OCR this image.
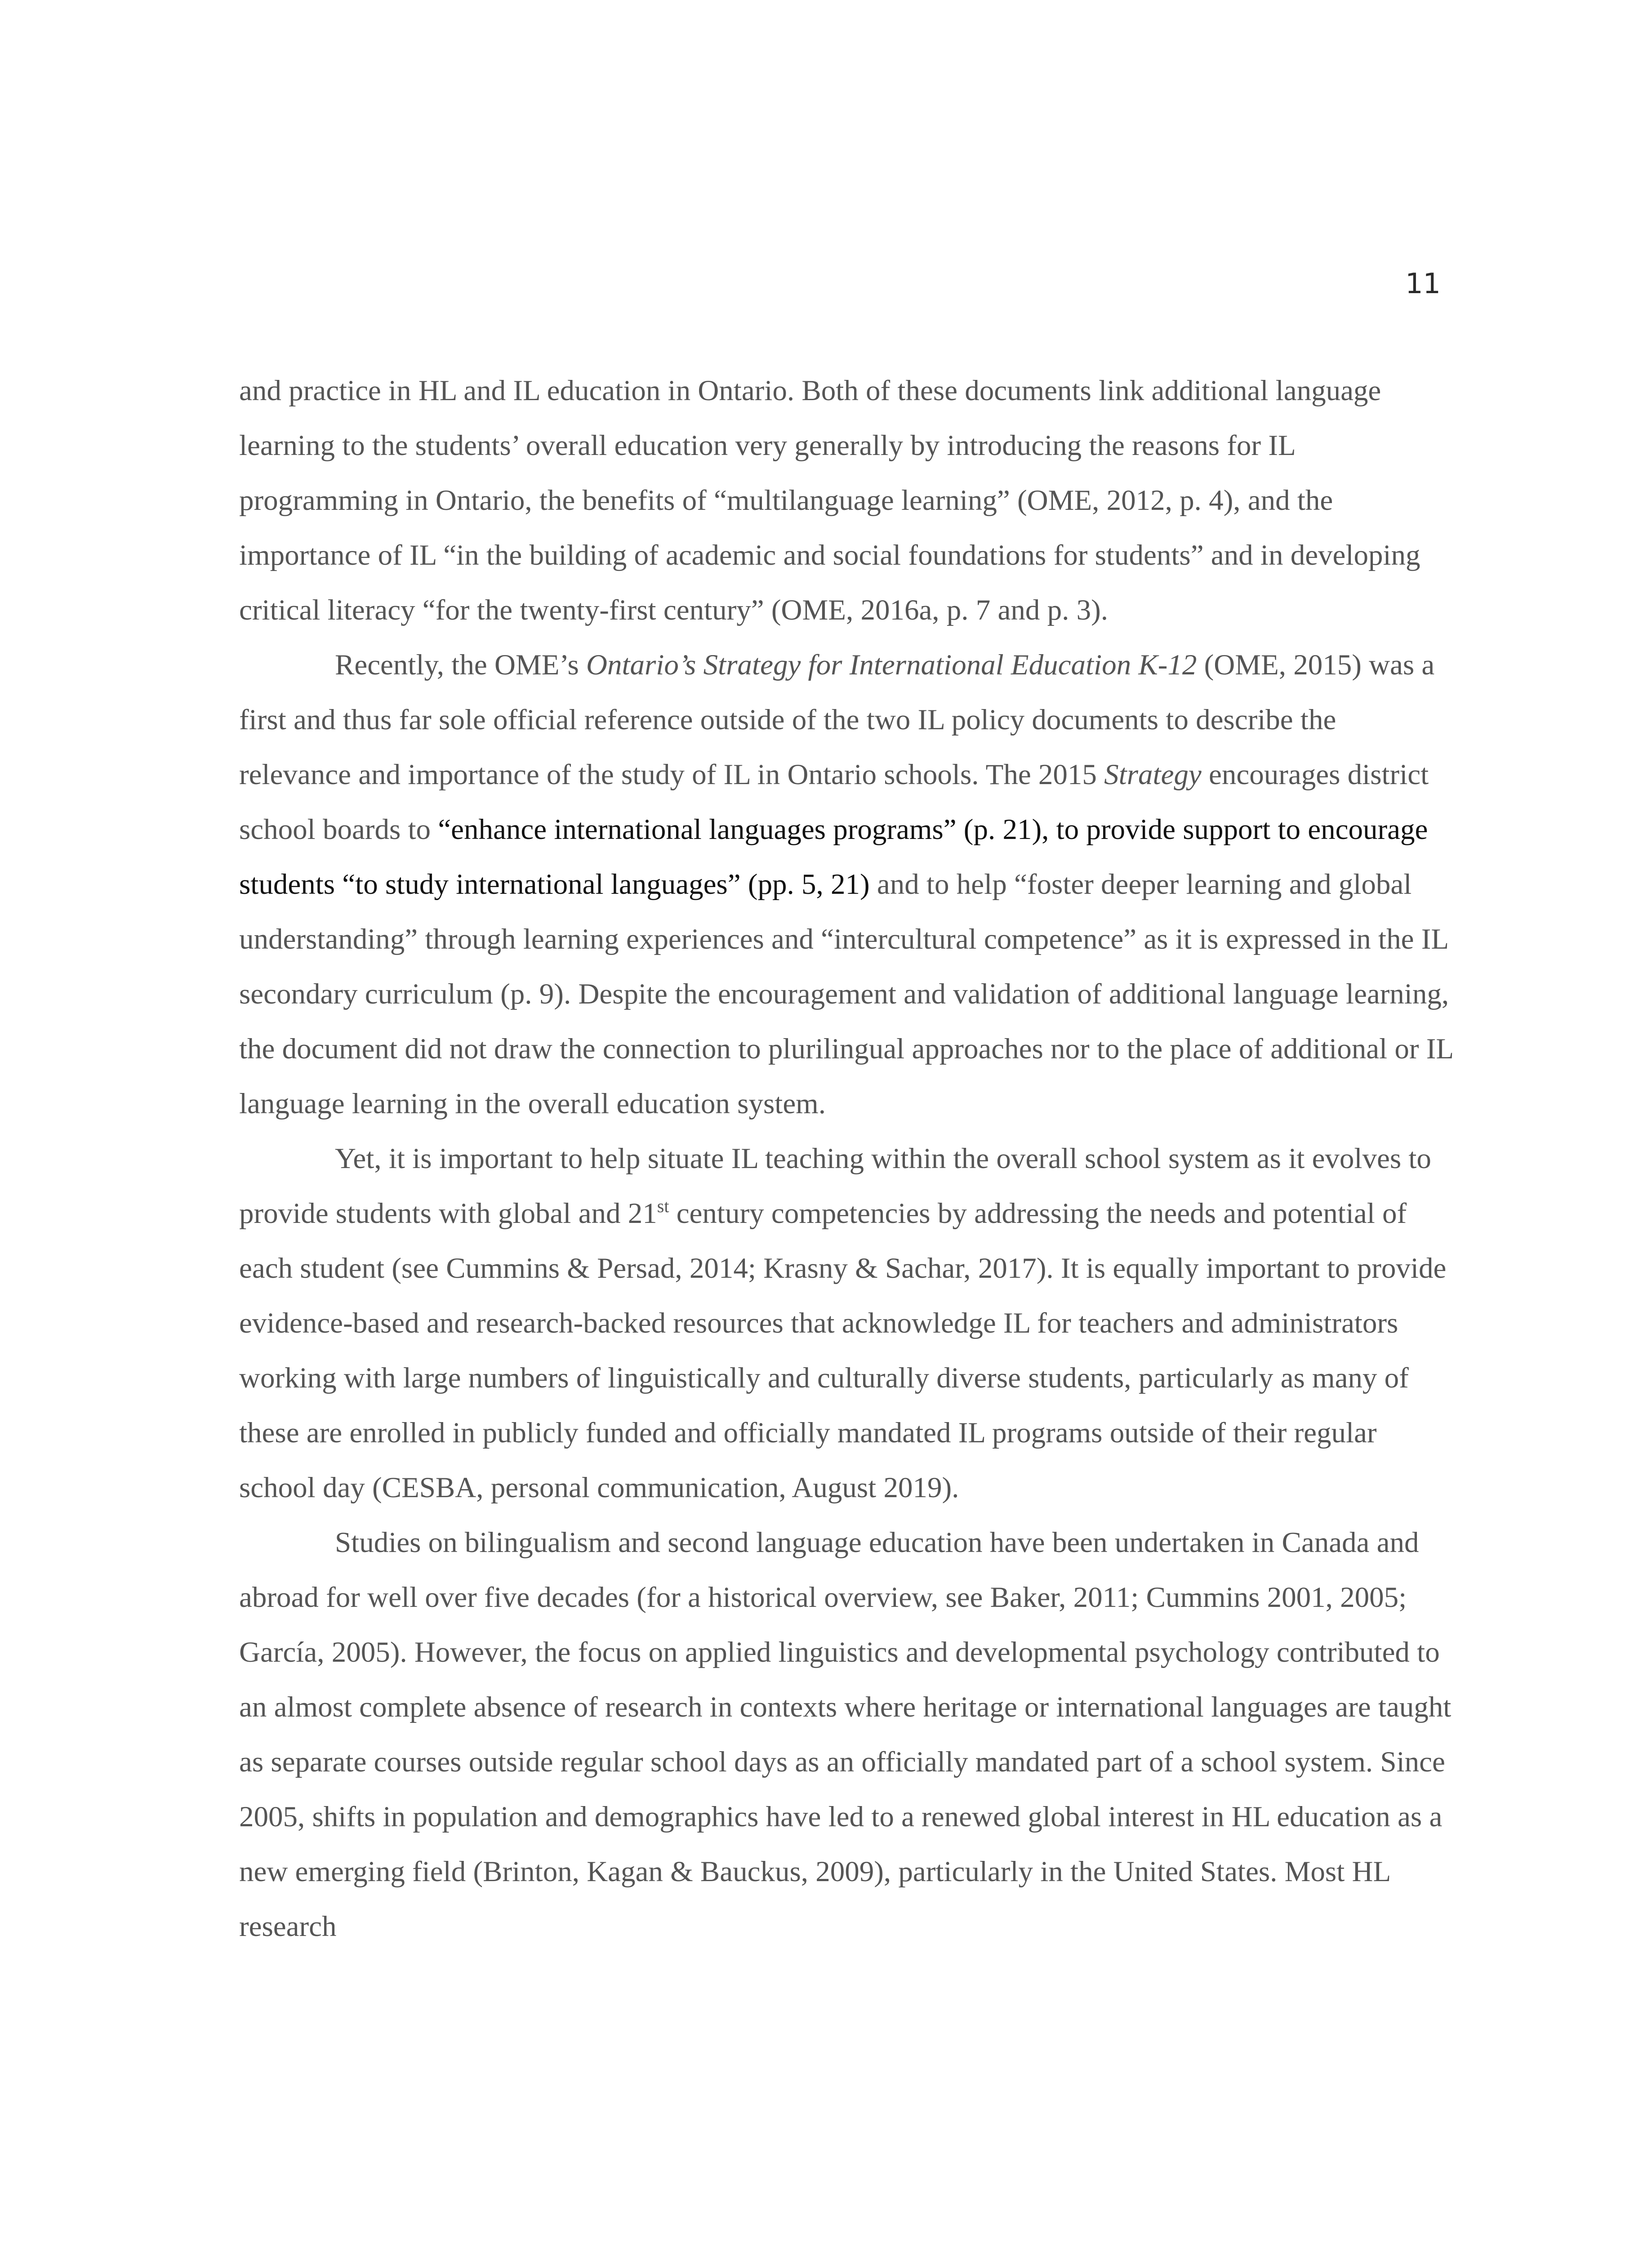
11

and practice in HL and IL education in Ontario. Both of these documents link additional language learning to the students’ overall education very generally by introducing the reasons for IL programming in Ontario, the benefits of “multilanguage learning” (OME, 2012, p. 4), and the importance of IL “in the building of academic and social foundations for students” and in developing critical literacy “for the twenty-first century” (OME, 2016a, p. 7 and p. 3).

Recently, the OME’s Ontario’s Strategy for International Education K-12 (OME, 2015) was a first and thus far sole official reference outside of the two IL policy documents to describe the relevance and importance of the study of IL in Ontario schools. The 2015 Strategy encourages district school boards to “enhance international languages programs” (p. 21), to provide support to encourage students “to study international languages” (pp. 5, 21) and to help “foster deeper learning and global understanding” through learning experiences and “intercultural competence” as it is expressed in the IL secondary curriculum (p. 9). Despite the encouragement and validation of additional language learning, the document did not draw the connection to plurilingual approaches nor to the place of additional or IL language learning in the overall education system.

Yet, it is important to help situate IL teaching within the overall school system as it evolves to provide students with global and 21st century competencies by addressing the needs and potential of each student (see Cummins & Persad, 2014; Krasny & Sachar, 2017). It is equally important to provide evidence-based and research-backed resources that acknowledge IL for teachers and administrators working with large numbers of linguistically and culturally diverse students, particularly as many of these are enrolled in publicly funded and officially mandated IL programs outside of their regular school day (CESBA, personal communication, August 2019).

Studies on bilingualism and second language education have been undertaken in Canada and abroad for well over five decades (for a historical overview, see Baker, 2011; Cummins 2001, 2005; García, 2005). However, the focus on applied linguistics and developmental psychology contributed to an almost complete absence of research in contexts where heritage or international languages are taught as separate courses outside regular school days as an officially mandated part of a school system. Since 2005, shifts in population and demographics have led to a renewed global interest in HL education as a new emerging field (Brinton, Kagan & Bauckus, 2009), particularly in the United States. Most HL research
